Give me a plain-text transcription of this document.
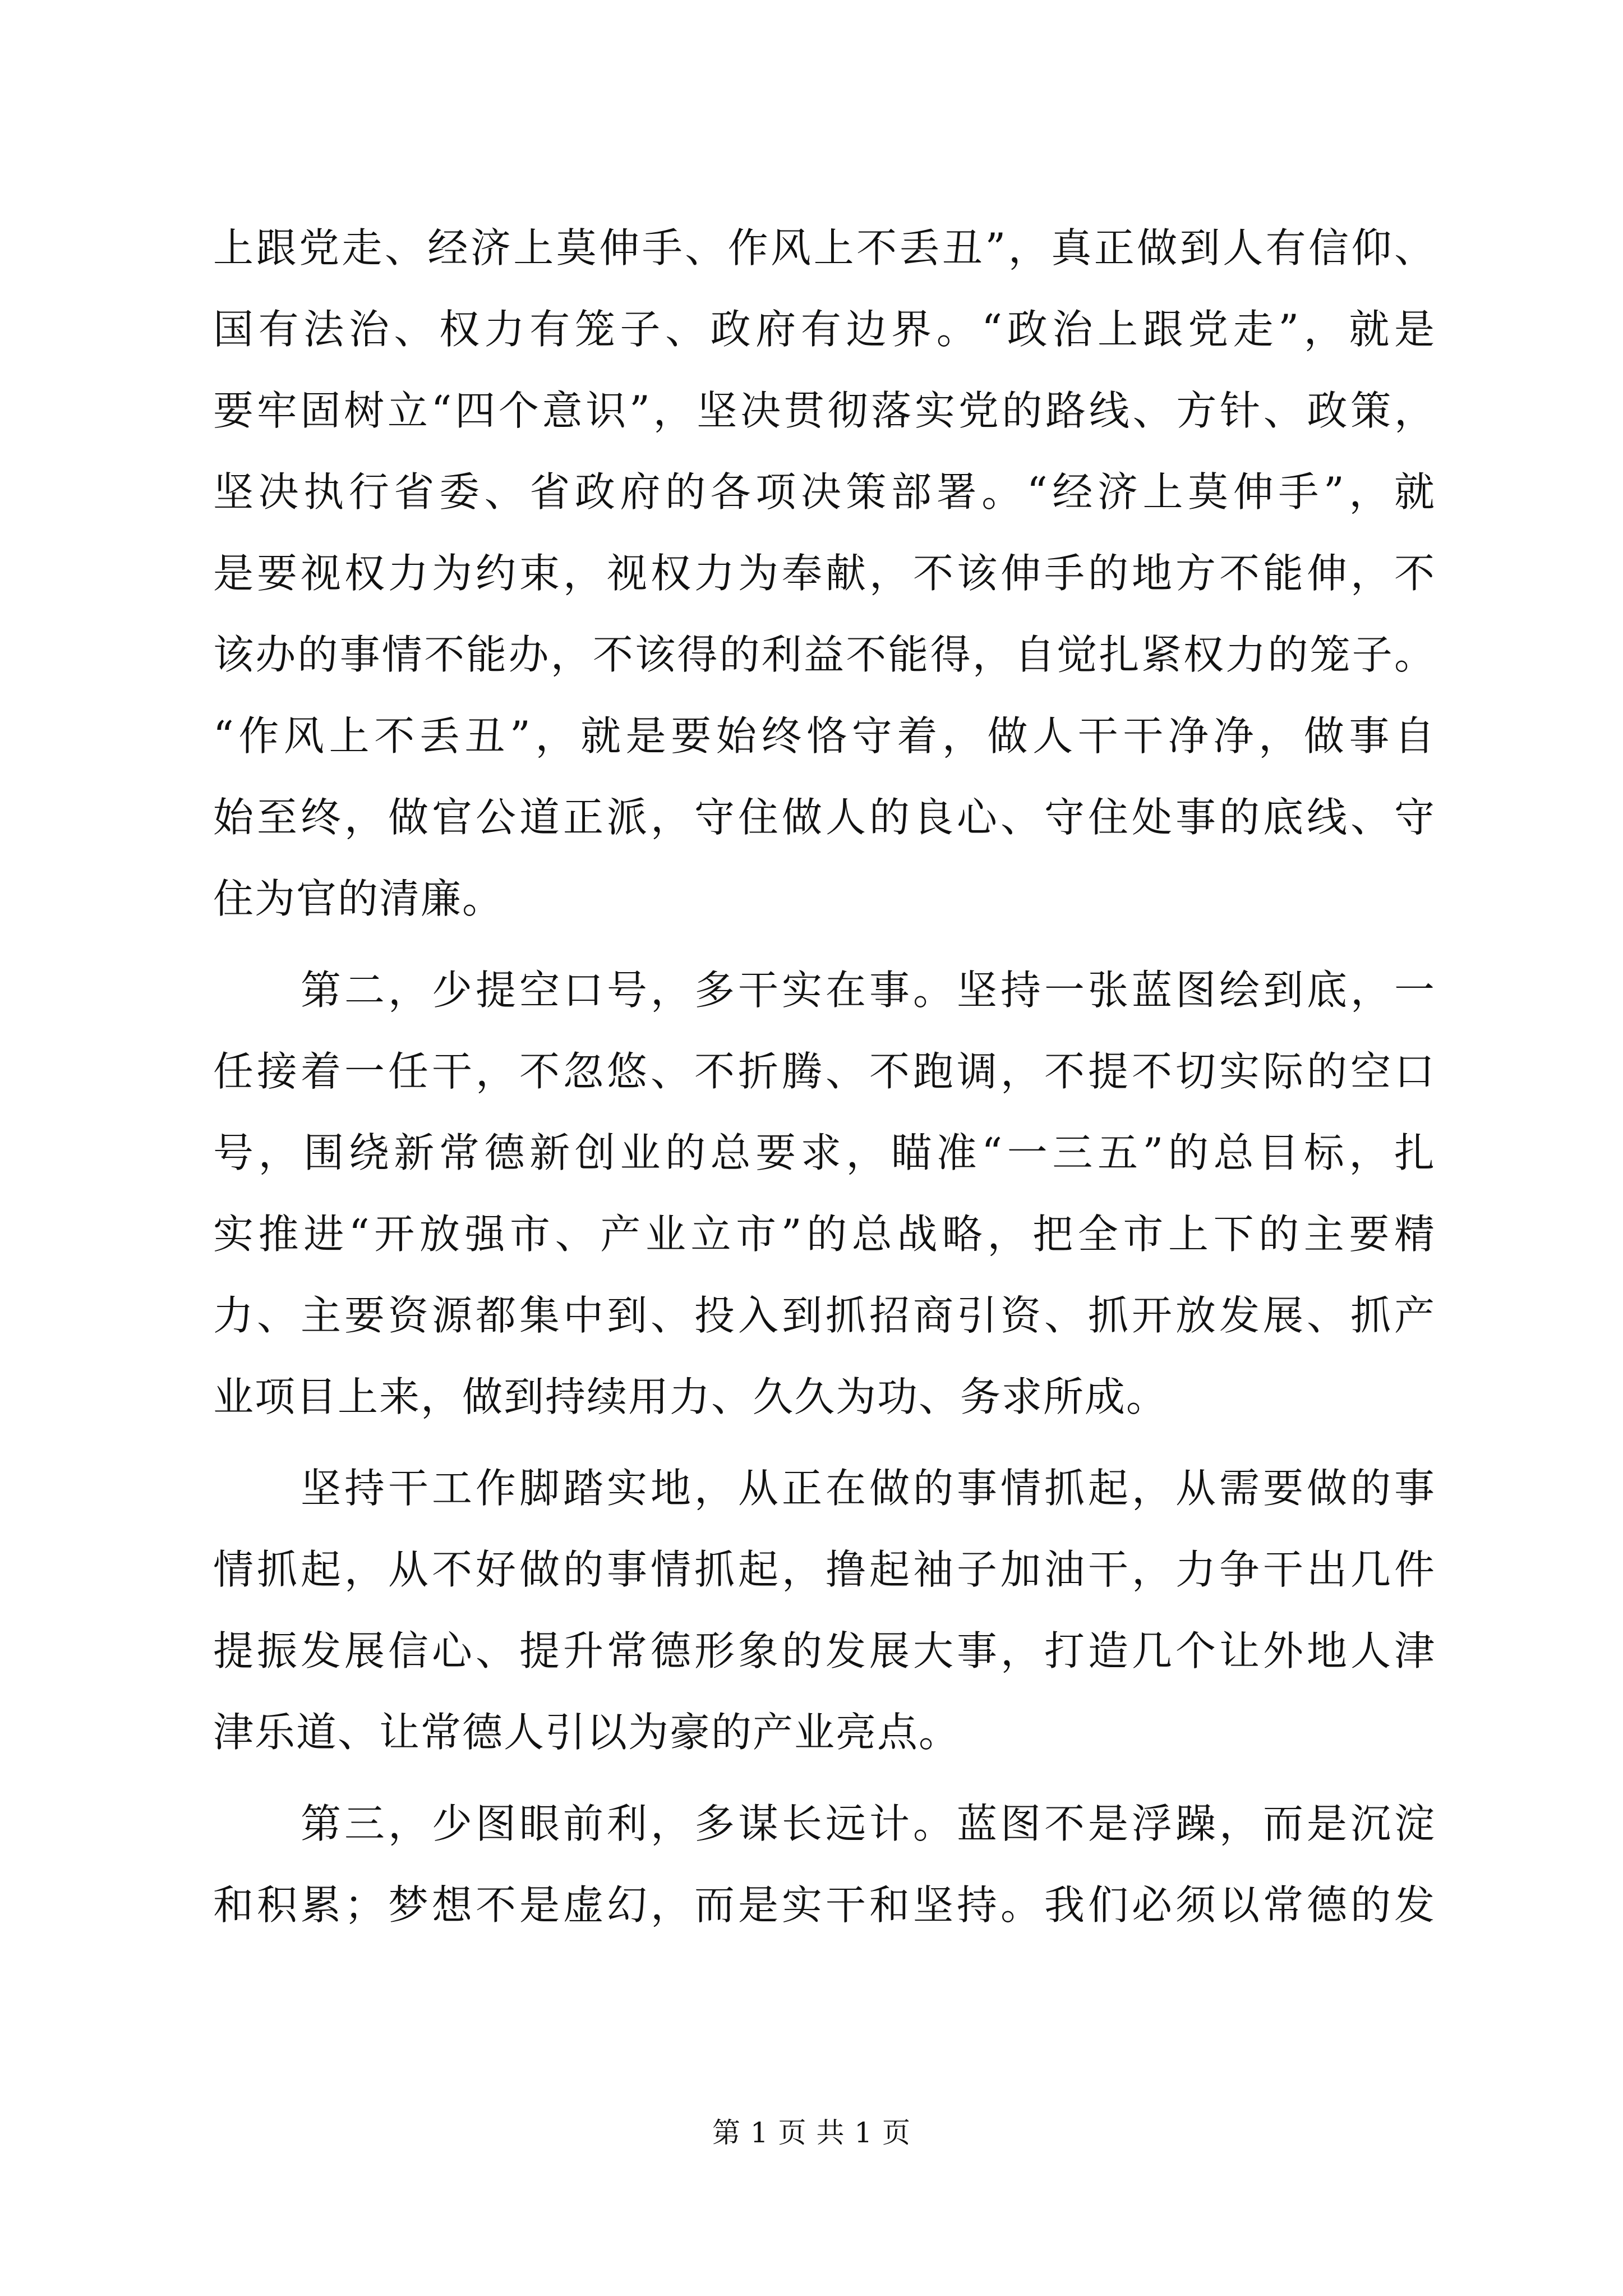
上跟党走、经济上莫伸手、作风上不丢丑”，真正做到人有信仰、
国有法治、权力有笼子、政府有边界。“政治上跟党走”，就是
要牢固树立“四个意识”，坚决贯彻落实党的路线、方针、政策，
坚决执行省委、省政府的各项决策部署。“经济上莫伸手”，就
是要视权力为约束，视权力为奉献，不该伸手的地方不能伸，不
该办的事情不能办，不该得的利益不能得，自觉扎紧权力的笼子。
“作风上不丢丑”，就是要始终恪守着，做人干干净净，做事自
始至终，做官公道正派，守住做人的良心、守住处事的底线、守
住为官的清廉。
　　第二，少提空口号，多干实在事。坚持一张蓝图绘到底，一
任接着一任干，不忽悠、不折腾、不跑调，不提不切实际的空口
号，围绕新常德新创业的总要求，瞄准“一三五”的总目标，扎
实推进“开放强市、产业立市”的总战略，把全市上下的主要精
力、主要资源都集中到、投入到抓招商引资、抓开放发展、抓产
业项目上来，做到持续用力、久久为功、务求所成。
　　坚持干工作脚踏实地，从正在做的事情抓起，从需要做的事
情抓起，从不好做的事情抓起，撸起袖子加油干，力争干出几件
提振发展信心、提升常德形象的发展大事，打造几个让外地人津
津乐道、让常德人引以为豪的产业亮点。
　　第三，少图眼前利，多谋长远计。蓝图不是浮躁，而是沉淀
和积累；梦想不是虚幻，而是实干和坚持。我们必须以常德的发
第 1 页 共 1 页
